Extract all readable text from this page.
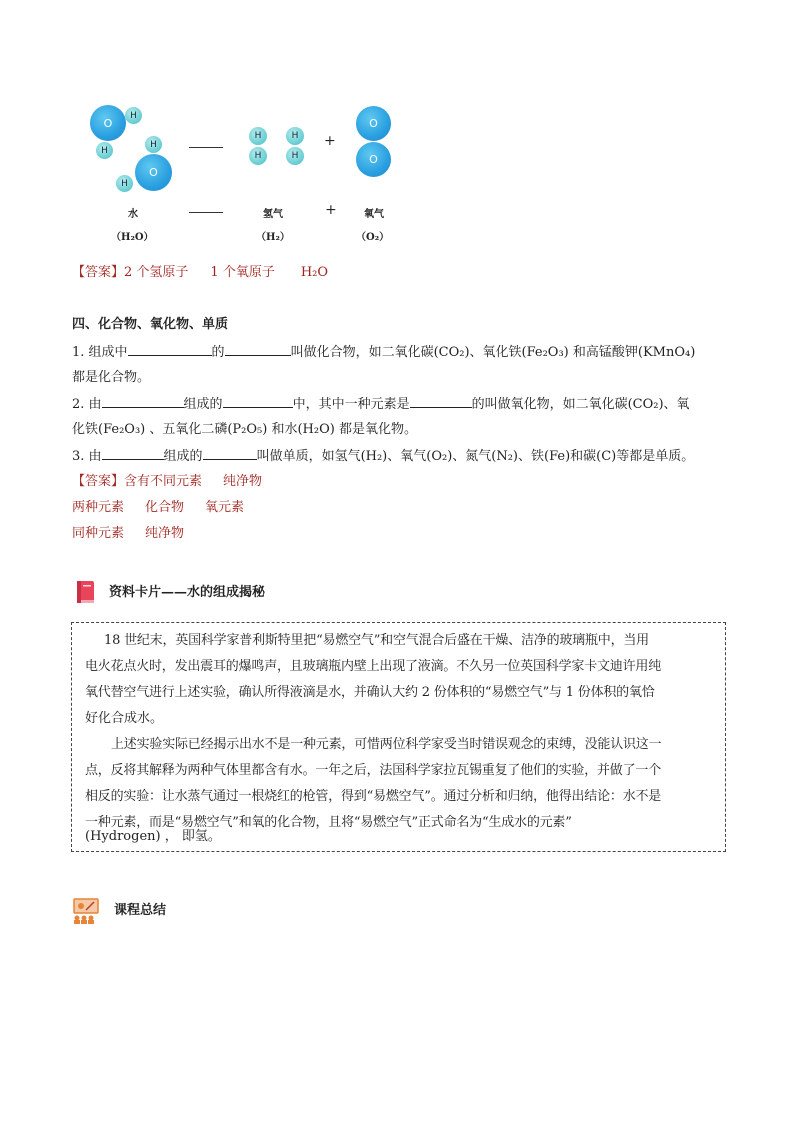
O
H
H
O
H
H
H
H
H
H
+
O
O
水	氢气	+	氧气
（H₂O）	（H₂）	（O₂）
【答案】2 个氢原子 1 个氧原子 H₂O
四、化合物、氧化物、单质
1. 组成中	的	叫做化合物，如二氧化碳(CO₂)、氧化铁(Fe₂O₃) 和高锰酸钾(KMnO₄)
都是化合物。
2. 由	组成的	中，其中一种元素是	的叫做氧化物，如二氧化碳(CO₂)、氧
化铁(Fe₂O₃) 、五氧化二磷(P₂O₅) 和水(H₂O) 都是氧化物。
3. 由	组成的	叫做单质，如氢气(H₂)、氧气(O₂)、氮气(N₂)、铁(Fe)和碳(C)等都是单质。
【答案】含有不同元素 纯净物
两种元素 化合物 氧元素
同种元素 纯净物
资料卡片——水的组成揭秘
18 世纪末，英国科学家普利斯特里把“易燃空气”和空气混合后盛在干燥、洁净的玻璃瓶中，当用
电火花点火时，发出震耳的爆鸣声，且玻璃瓶内壁上出现了液滴。不久另一位英国科学家卡文迪许用纯
氧代替空气进行上述实验，确认所得液滴是水，并确认大约 2 份体积的“易燃空气”与 1 份体积的氧恰
好化合成水。
上述实验实际已经揭示出水不是一种元素，可惜两位科学家受当时错误观念的束缚，没能认识这一
点，反将其解释为两种气体里都含有水。一年之后，法国科学家拉瓦锡重复了他们的实验，并做了一个
相反的实验：让水蒸气通过一根烧红的枪管，得到“易燃空气”。通过分析和归纳，他得出结论：水不是
一种元素，而是“易燃空气”和氧的化合物，且将“易燃空气”正式命名为“生成水的元素”
(Hydrogen) ， 即氢。
课程总结
